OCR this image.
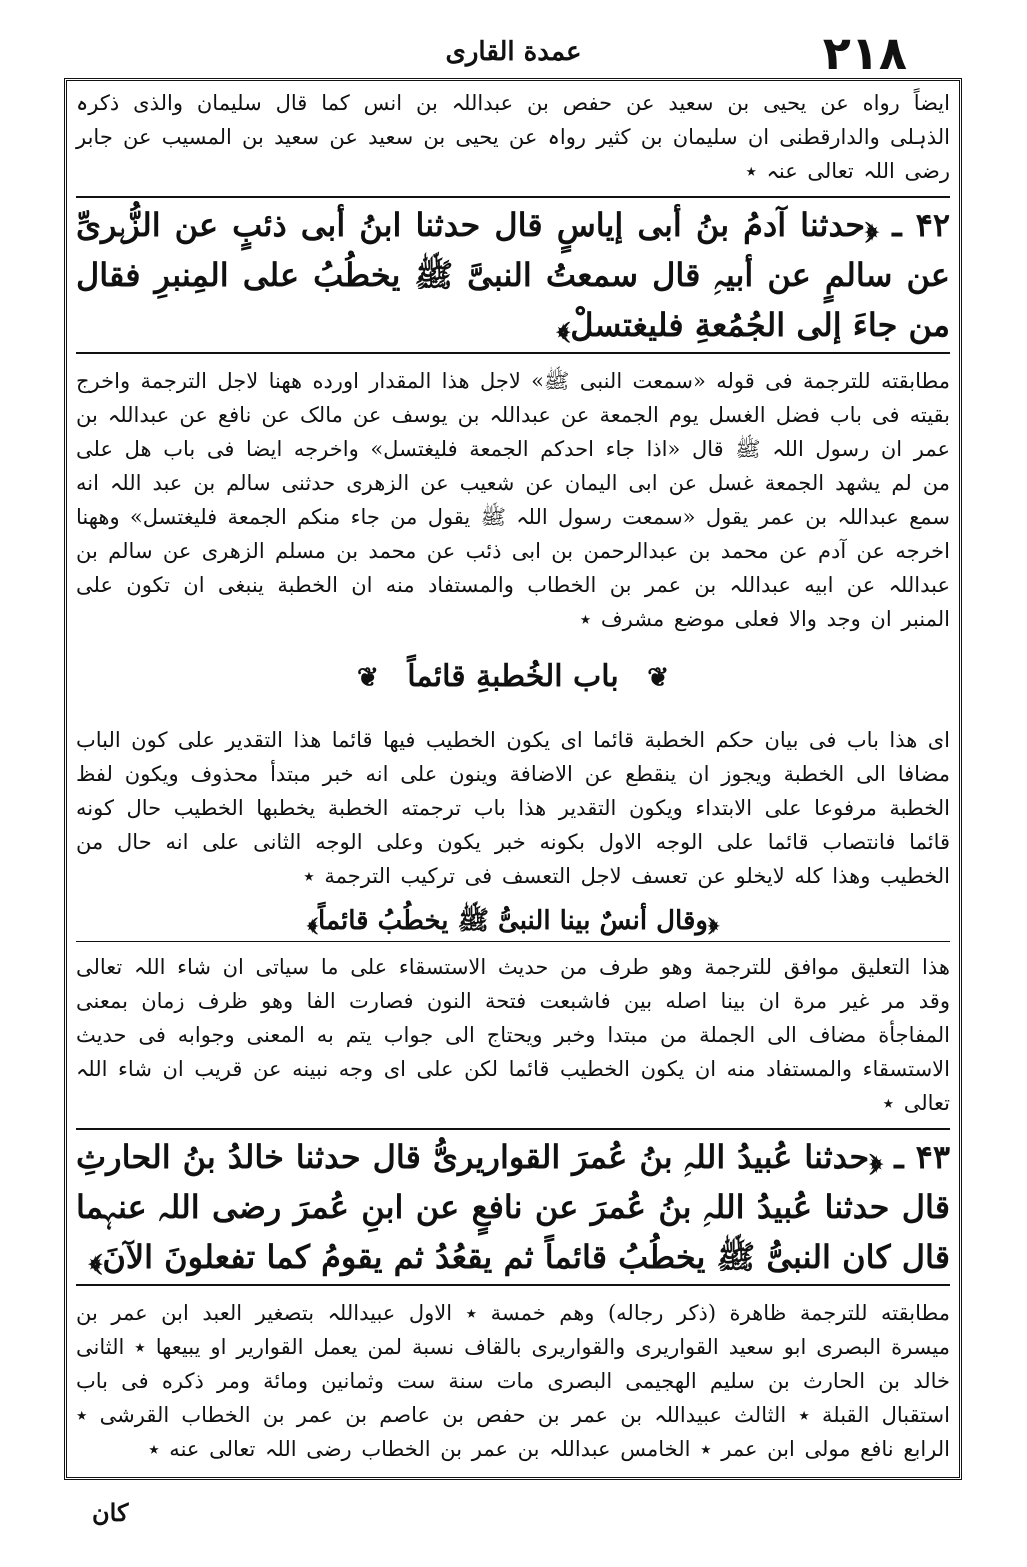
٢١٨
عمدة القاری

ایضاً رواه عن یحیی بن سعید عن حفص بن عبداللہ بن انس کما قال سلیمان والذی ذکرہ الذہلی والدارقطنی ان سلیمان بن کثیر رواہ عن یحیی بن سعید عن سعید بن المسیب عن جابر رضی اللہ تعالی عنہ ٭

۴۲ ـ ﴿حدثنا آدمُ بنُ أبی إیاسٍ قال حدثنا ابنُ أبی ذئبٍ عن الزُّہریِّ عن سالمٍ عن أبیہِ قال سمعتُ النبیَّ ﷺ یخطُبُ علی المِنبرِ فقال من جاءَ إلی الجُمُعةِ فلیغتسلْ﴾

مطابقته للترجمة فی قوله «سمعت النبی ﷺ» لاجل هذا المقدار اورده ههنا لاجل الترجمة واخرج بقیته فی باب فضل الغسل یوم الجمعة عن عبداللہ بن یوسف عن مالک عن نافع عن عبداللہ بن عمر ان رسول اللہ ﷺ قال «اذا جاء احدکم الجمعة فلیغتسل» واخرجه ایضا فی باب هل علی من لم یشهد الجمعة غسل عن ابی الیمان عن شعیب عن الزهری حدثنی سالم بن عبد اللہ انه سمع عبداللہ بن عمر یقول «سمعت رسول اللہ ﷺ یقول من جاء منکم الجمعة فلیغتسل» وههنا اخرجه عن آدم عن محمد بن عبدالرحمن بن ابی ذئب عن محمد بن مسلم الزهری عن سالم بن عبداللہ عن ابیه عبداللہ بن عمر بن الخطاب والمستفاد منه ان الخطبة ینبغی ان تکون علی المنبر ان وجد والا فعلی موضع مشرف ٭

❦ باب الخُطبةِ قائماً ❦

ای هذا باب فی بیان حکم الخطبة قائما ای یکون الخطیب فیها قائما هذا التقدیر علی کون الباب مضافا الی الخطبة ویجوز ان ینقطع عن الاضافة وینون علی انه خبر مبتدأ محذوف ویکون لفظ الخطبة مرفوعا علی الابتداء ویکون التقدیر هذا باب ترجمته الخطبة یخطبها الخطیب حال کونه قائما فانتصاب قائما علی الوجه الاول بکونه خبر یکون وعلی الوجه الثانی علی انه حال من الخطیب وهذا کله لایخلو عن تعسف لاجل التعسف فی ترکیب الترجمة ٭

﴿وقال أنسٌ بینا النبیُّ ﷺ یخطُبُ قائماً﴾

هذا التعلیق موافق للترجمة وهو طرف من حدیث الاستسقاء علی ما سیاتی ان شاء اللہ تعالی وقد مر غیر مرة ان بینا اصله بین فاشبعت فتحة النون فصارت الفا وهو ظرف زمان بمعنی المفاجأة مضاف الی الجملة من مبتدا وخبر ویحتاج الی جواب یتم به المعنی وجوابه فی حدیث الاستسقاء والمستفاد منه ان یکون الخطیب قائما لکن علی ای وجه نبینه عن قریب ان شاء اللہ تعالی ٭

۴۳ ـ ﴿حدثنا عُبیدُ اللہِ بنُ عُمرَ القواریریُّ قال حدثنا خالدُ بنُ الحارثِ قال حدثنا عُبیدُ اللہِ بنُ عُمرَ عن نافعٍ عن ابنِ عُمرَ رضی اللہ عنہما قال کان النبیُّ ﷺ یخطُبُ قائماً ثم یقعُدُ ثم یقومُ کما تفعلونَ الآنَ﴾

مطابقته للترجمة ظاهرة (ذکر رجاله) وهم خمسة ٭ الاول عبیداللہ بتصغیر العبد ابن عمر بن میسرة البصری ابو سعید القواریری والقواریری بالقاف نسبة لمن یعمل القواریر او یبیعها ٭ الثانی خالد بن الحارث بن سلیم الهجیمی البصری مات سنة ست وثمانین ومائة ومر ذکره فی باب استقبال القبلة ٭ الثالث عبیداللہ بن عمر بن حفص بن عاصم بن عمر بن الخطاب القرشی ٭ الرابع نافع مولی ابن عمر ٭ الخامس عبداللہ بن عمر بن الخطاب رضی اللہ تعالی عنه ٭

کان
